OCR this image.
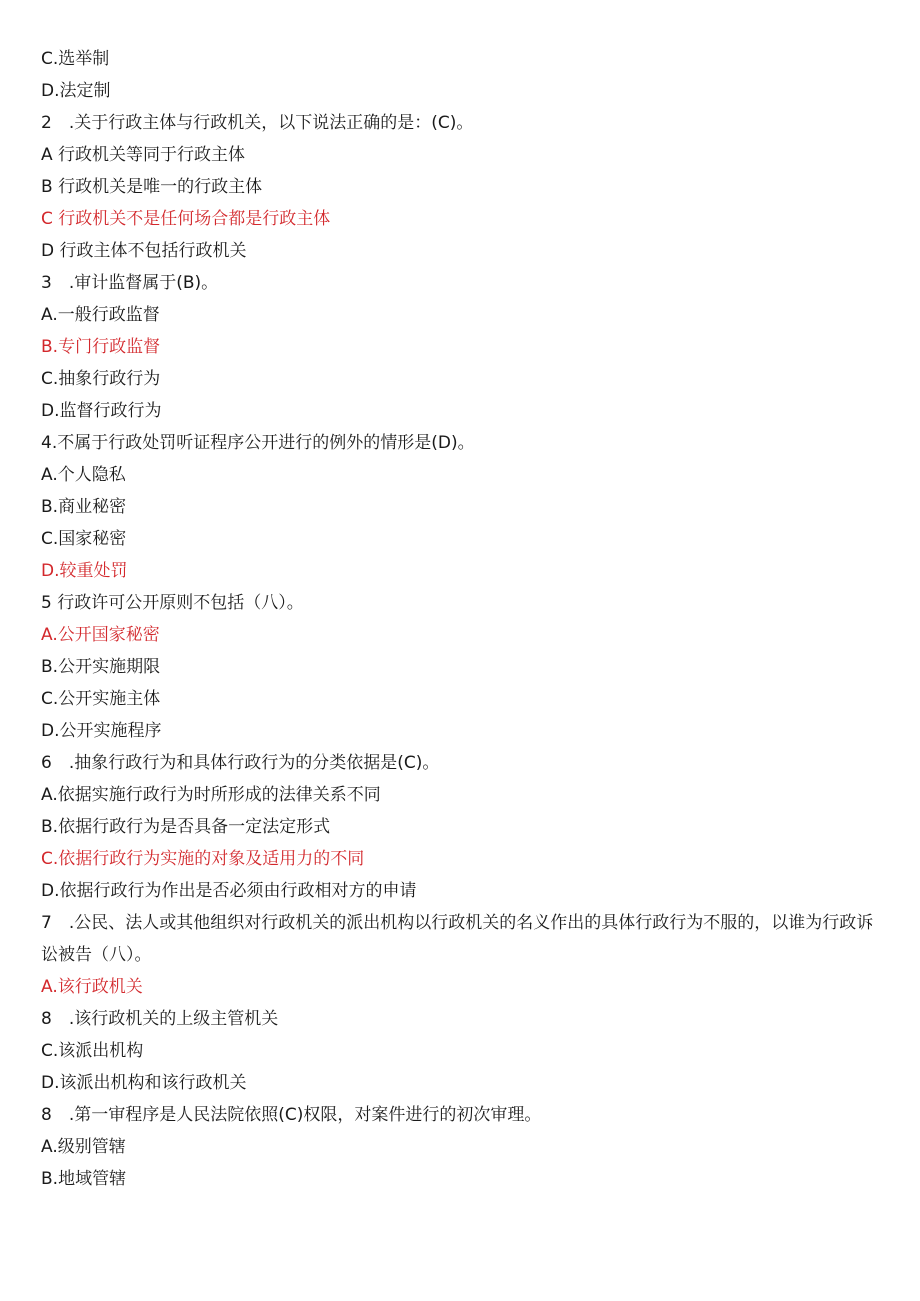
C.选举制
D.法定制
2　.关于行政主体与行政机关，以下说法正确的是：(C)。
A 行政机关等同于行政主体
B 行政机关是唯一的行政主体
C 行政机关不是任何场合都是行政主体
D 行政主体不包括行政机关
3　.审计监督属于(B)。
A.一般行政监督
B.专门行政监督
C.抽象行政行为
D.监督行政行为
4.不属于行政处罚听证程序公开进行的例外的情形是(D)。
A.个人隐私
B.商业秘密
C.国家秘密
D.较重处罚
5 行政许可公开原则不包括（八）。
A.公开国家秘密
B.公开实施期限
C.公开实施主体
D.公开实施程序
6　.抽象行政行为和具体行政行为的分类依据是(C)。
A.依据实施行政行为时所形成的法律关系不同
B.依据行政行为是否具备一定法定形式
C.依据行政行为实施的对象及适用力的不同
D.依据行政行为作出是否必须由行政相对方的申请
7　.公民、法人或其他组织对行政机关的派出机构以行政机关的名义作出的具体行政行为不服的，以谁为行政诉讼被告（八）。
A.该行政机关
8　.该行政机关的上级主管机关
C.该派出机构
D.该派出机构和该行政机关
8　.第一审程序是人民法院依照(C)权限，对案件进行的初次审理。
A.级别管辖
B.地域管辖
